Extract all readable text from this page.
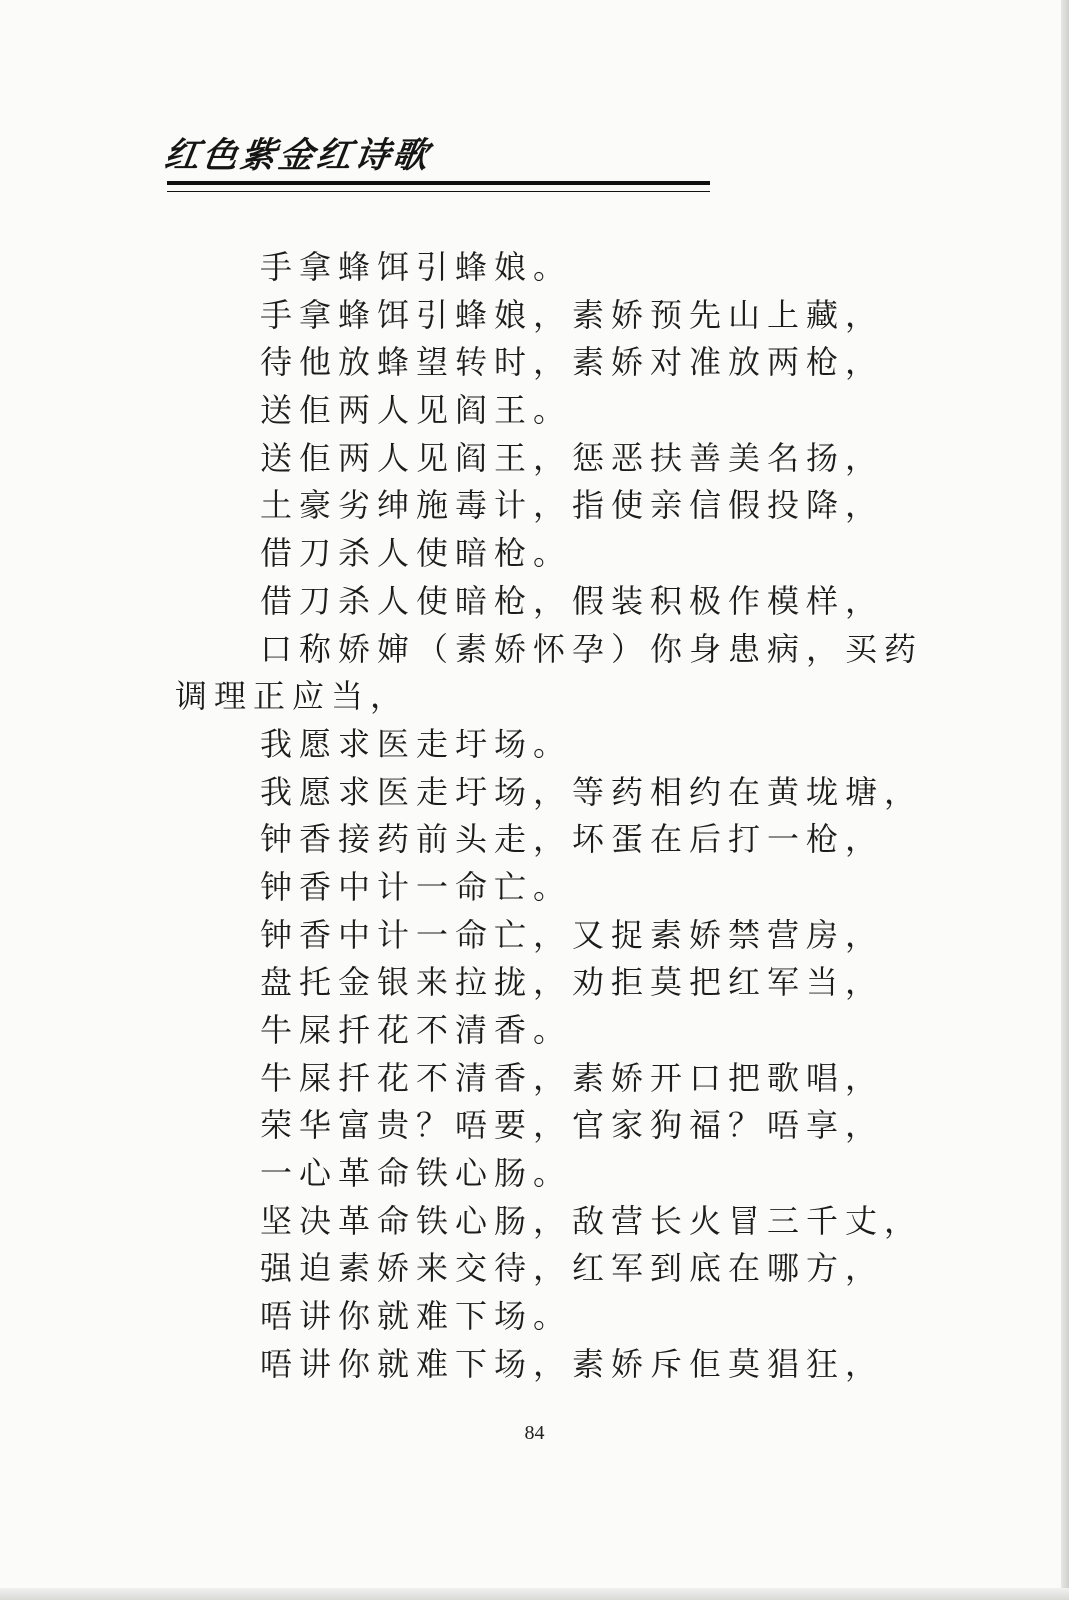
红色紫金红诗歌
手拿蜂饵引蜂娘。
手拿蜂饵引蜂娘，素娇预先山上藏，
待他放蜂望转时，素娇对准放两枪，
送佢两人见阎王。
送佢两人见阎王，惩恶扶善美名扬，
土豪劣绅施毒计，指使亲信假投降，
借刀杀人使暗枪。
借刀杀人使暗枪，假装积极作模样，
口称娇婶（素娇怀孕）你身患病，买药
调理正应当，
我愿求医走圩场。
我愿求医走圩场，等药相约在黄垅塘，
钟香接药前头走，坏蛋在后打一枪，
钟香中计一命亡。
钟香中计一命亡，又捉素娇禁营房，
盘托金银来拉拢，劝拒莫把红军当，
牛屎扦花不清香。
牛屎扦花不清香，素娇开口把歌唱，
荣华富贵？唔要，官家狗福？唔享，
一心革命铁心肠。
坚决革命铁心肠，敌营长火冒三千丈，
强迫素娇来交待，红军到底在哪方，
唔讲你就难下场。
唔讲你就难下场，素娇斥佢莫猖狂，
84
